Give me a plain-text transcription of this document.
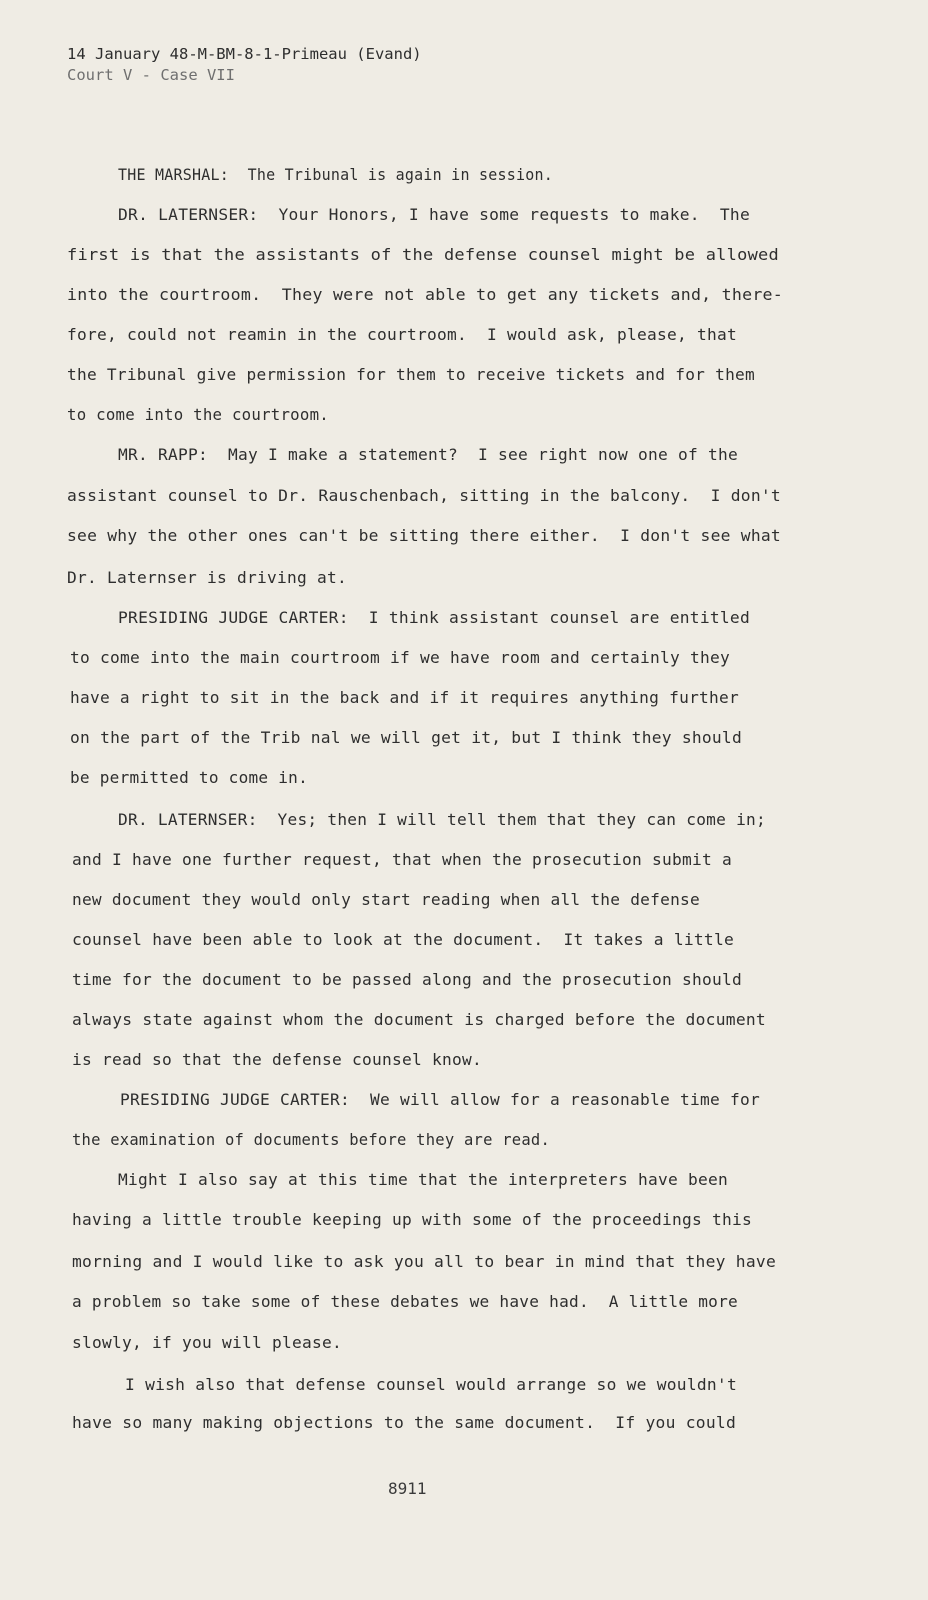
14 January 48-M-BM-8-1-Primeau (Evand)
Court V - Case VII
THE MARSHAL:  The Tribunal is again in session.
DR. LATERNSER:  Your Honors, I have some requests to make.  The
first is that the assistants of the defense counsel might be allowed
into the courtroom.  They were not able to get any tickets and, there-
fore, could not reamin in the courtroom.  I would ask, please, that
the Tribunal give permission for them to receive tickets and for them
to come into the courtroom.
MR. RAPP:  May I make a statement?  I see right now one of the
assistant counsel to Dr. Rauschenbach, sitting in the balcony.  I don't
see why the other ones can't be sitting there either.  I don't see what
Dr. Laternser is driving at.
PRESIDING JUDGE CARTER:  I think assistant counsel are entitled
to come into the main courtroom if we have room and certainly they
have a right to sit in the back and if it requires anything further
on the part of the Trib nal we will get it, but I think they should
be permitted to come in.
DR. LATERNSER:  Yes; then I will tell them that they can come in;
and I have one further request, that when the prosecution submit a
new document they would only start reading when all the defense
counsel have been able to look at the document.  It takes a little
time for the document to be passed along and the prosecution should
always state against whom the document is charged before the document
is read so that the defense counsel know.
PRESIDING JUDGE CARTER:  We will allow for a reasonable time for
the examination of documents before they are read.
Might I also say at this time that the interpreters have been
having a little trouble keeping up with some of the proceedings this
morning and I would like to ask you all to bear in mind that they have
a problem so take some of these debates we have had.  A little more
slowly, if you will please.
I wish also that defense counsel would arrange so we wouldn't
have so many making objections to the same document.  If you could
8911
